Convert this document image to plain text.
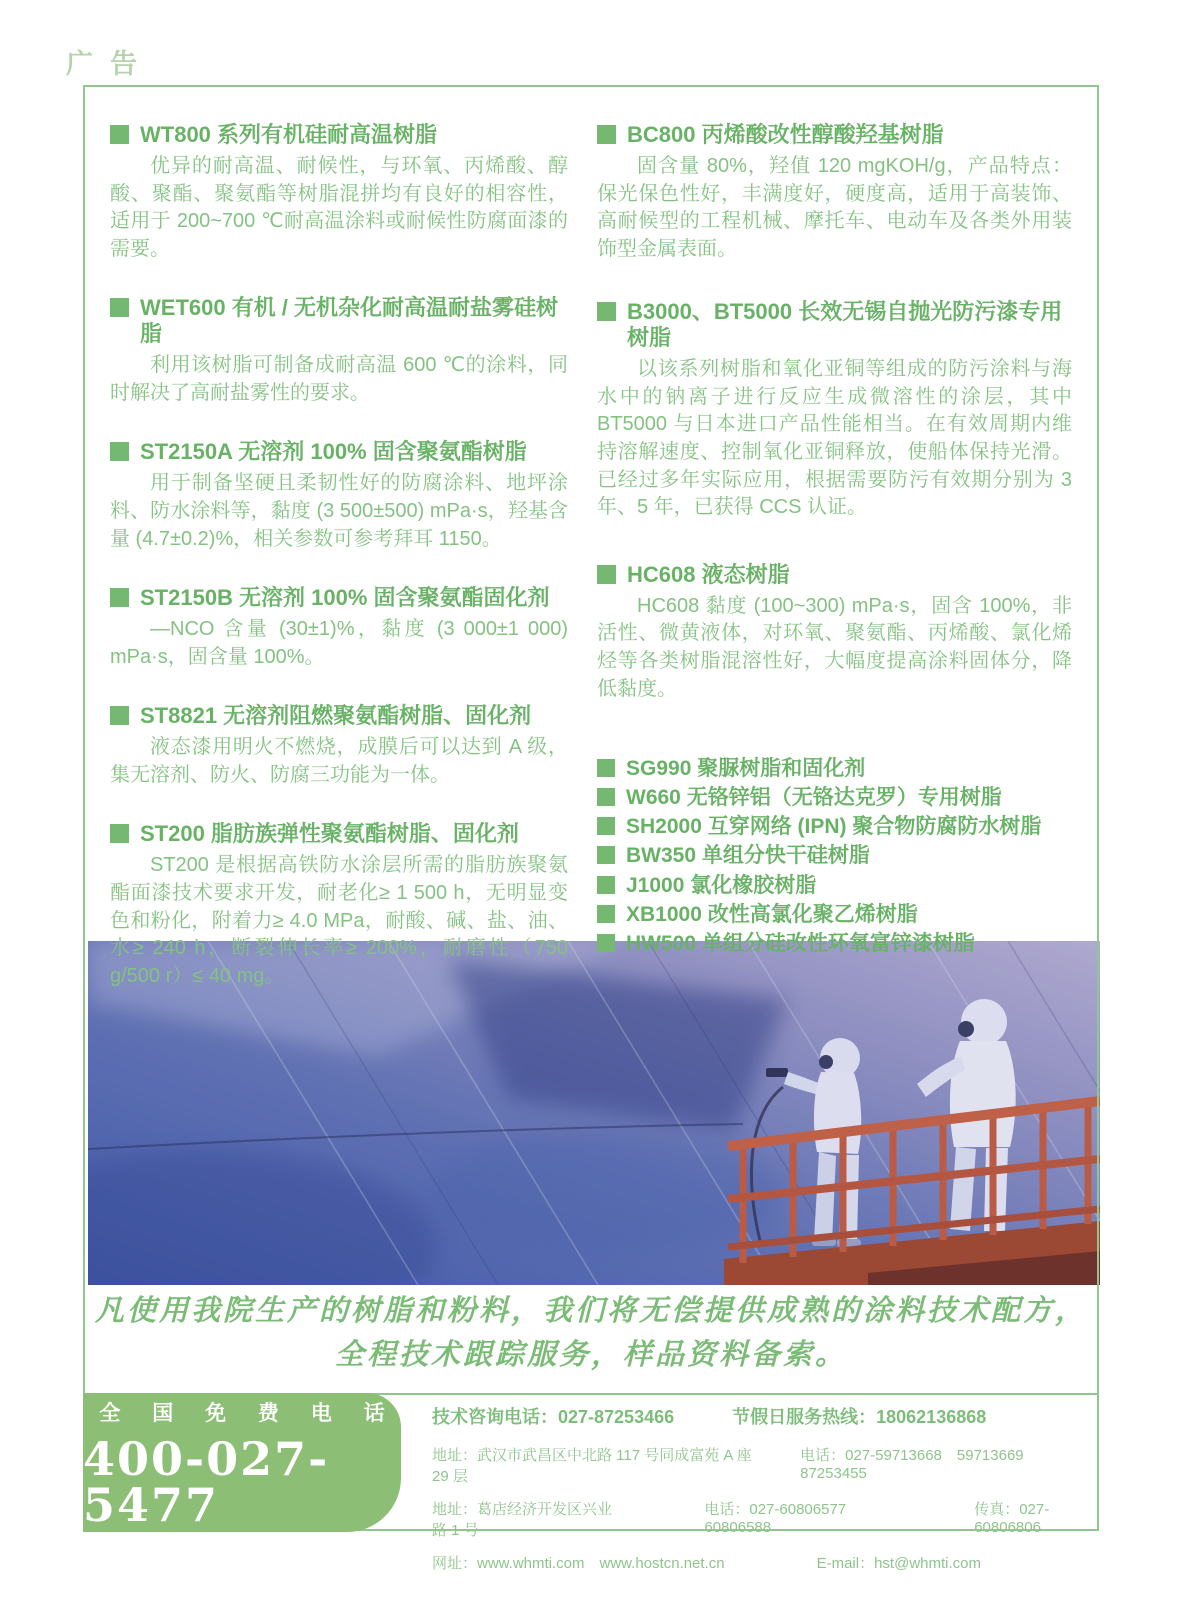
广告
WT800 系列有机硅耐高温树脂
优异的耐高温、耐候性，与环氧、丙烯酸、醇酸、聚酯、聚氨酯等树脂混拼均有良好的相容性，适用于 200~700 ℃耐高温涂料或耐候性防腐面漆的需要。
WET600 有机 / 无机杂化耐高温耐盐雾硅树脂
利用该树脂可制备成耐高温 600 ℃的涂料，同时解决了高耐盐雾性的要求。
ST2150A 无溶剂 100% 固含聚氨酯树脂
用于制备坚硬且柔韧性好的防腐涂料、地坪涂料、防水涂料等，黏度 (3 500±500) mPa·s，羟基含量 (4.7±0.2)%，相关参数可参考拜耳 1150。
ST2150B 无溶剂 100% 固含聚氨酯固化剂
—NCO 含量 (30±1)%，黏度 (3 000±1 000) mPa·s，固含量 100%。
ST8821 无溶剂阻燃聚氨酯树脂、固化剂
液态漆用明火不燃烧，成膜后可以达到 A 级，集无溶剂、防火、防腐三功能为一体。
ST200 脂肪族弹性聚氨酯树脂、固化剂
ST200 是根据高铁防水涂层所需的脂肪族聚氨酯面漆技术要求开发，耐老化≥ 1 500 h，无明显变色和粉化，附着力≥ 4.0 MPa，耐酸、碱、盐、油、水≥ 240 h，断裂伸长率≥ 200%，耐磨性（750 g/500 r）≤ 40 mg。
BC800 丙烯酸改性醇酸羟基树脂
固含量 80%，羟值 120 mgKOH/g，产品特点：保光保色性好，丰满度好，硬度高，适用于高装饰、高耐候型的工程机械、摩托车、电动车及各类外用装饰型金属表面。
B3000、BT5000 长效无锡自抛光防污漆专用树脂
以该系列树脂和氧化亚铜等组成的防污涂料与海水中的钠离子进行反应生成微溶性的涂层，其中 BT5000 与日本进口产品性能相当。在有效周期内维持溶解速度、控制氧化亚铜释放，使船体保持光滑。已经过多年实际应用，根据需要防污有效期分别为 3 年、5 年，已获得 CCS 认证。
HC608 液态树脂
HC608 黏度 (100~300) mPa·s，固含 100%，非活性、微黄液体，对环氧、聚氨酯、丙烯酸、氯化烯烃等各类树脂混溶性好，大幅度提高涂料固体分，降低黏度。
SG990 聚脲树脂和固化剂
W660 无铬锌铝（无铬达克罗）专用树脂
SH2000 互穿网络 (IPN) 聚合物防腐防水树脂
BW350 单组分快干硅树脂
J1000 氯化橡胶树脂
XB1000 改性高氯化聚乙烯树脂
HW500 单组分硅改性环氧富锌漆树脂
凡使用我院生产的树脂和粉料，我们将无偿提供成熟的涂料技术配方，
全程技术跟踪服务，样品资料备索。
全 国 免 费 电 话
400-027-5477
技术咨询电话：027-87253466	节假日服务热线：18062136868
地址：武汉市武昌区中北路 117 号同成富苑 A 座 29 层
电话：027-59713668　59713669　87253455
地址：葛店经济开发区兴业路 1 号
电话：027-60806577　60806588
传真：027-60806806
网址：www.whmti.com　www.hostcn.net.cn	E-mail：hst@whmti.com
